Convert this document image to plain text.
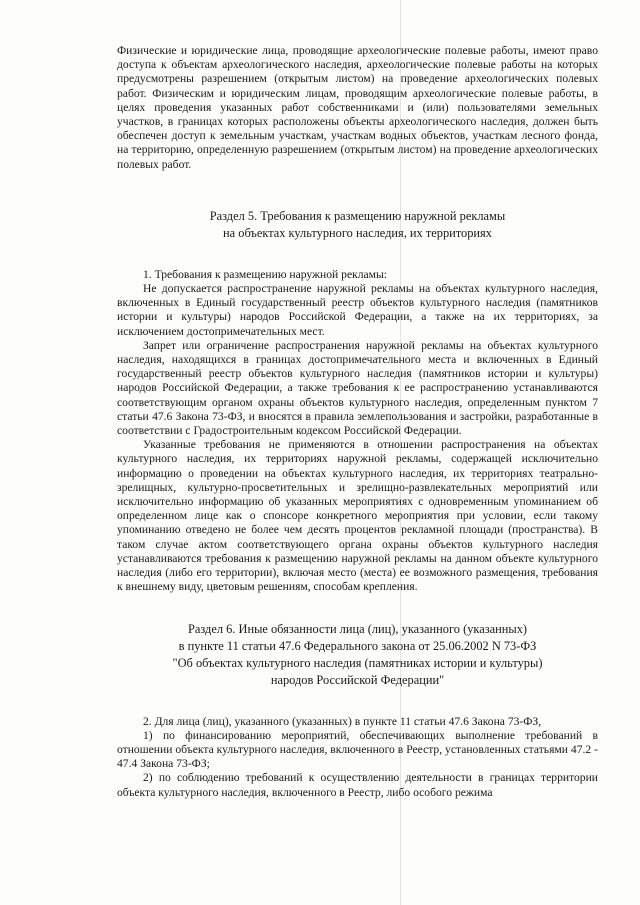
Физические и юридические лица, проводящие археологические полевые работы, имеют право доступа к объектам археологического наследия, археологические полевые работы на которых предусмотрены разрешением (открытым листом) на проведение археологических полевых работ. Физическим и юридическим лицам, проводящим археологические полевые работы, в целях проведения указанных работ собственниками и (или) пользователями земельных участков, в границах которых расположены объекты археологического наследия, должен быть обеспечен доступ к земельным участкам, участкам водных объектов, участкам лесного фонда, на территорию, определенную разрешением (открытым листом) на проведение археологических полевых работ.

Раздел 5. Требования к размещению наружной рекламы

на объектах культурного наследия, их территориях

1. Требования к размещению наружной рекламы:

Не допускается распространение наружной рекламы на объектах культурного наследия, включенных в Единый государственный реестр объектов культурного наследия (памятников истории и культуры) народов Российской Федерации, а также на их территориях, за исключением достопримечательных мест.

Запрет или ограничение распространения наружной рекламы на объектах культурного наследия, находящихся в границах достопримечательного места и включенных в Единый государственный реестр объектов культурного наследия (памятников истории и культуры) народов Российской Федерации, а также требования к ее распространению устанавливаются соответствующим органом охраны объектов культурного наследия, определенным пунктом 7 статьи 47.6 Закона 73-ФЗ, и вносятся в правила землепользования и застройки, разработанные в соответствии с Градостроительным кодексом Российской Федерации.

Указанные требования не применяются в отношении распространения на объектах культурного наследия, их территориях наружной рекламы, содержащей исключительно информацию о проведении на объектах культурного наследия, их территориях театрально-зрелищных, культурно-просветительных и зрелищно-развлекательных мероприятий или исключительно информацию об указанных мероприятиях с одновременным упоминанием об определенном лице как о спонсоре конкретного мероприятия при условии, если такому упоминанию отведено не более чем десять процентов рекламной площади (пространства). В таком случае актом соответствующего органа охраны объектов культурного наследия устанавливаются требования к размещению наружной рекламы на данном объекте культурного наследия (либо его территории), включая место (места) ее возможного размещения, требования к внешнему виду, цветовым решениям, способам крепления.

Раздел 6. Иные обязанности лица (лиц), указанного (указанных)

в пункте 11 статьи 47.6 Федерального закона от 25.06.2002 N 73-ФЗ

"Об объектах культурного наследия (памятниках истории и культуры)

народов Российской Федерации"

2. Для лица (лиц), указанного (указанных) в пункте 11 статьи 47.6 Закона 73-ФЗ,

1) по финансированию мероприятий, обеспечивающих выполнение требований в отношении объекта культурного наследия, включенного в Реестр, установленных статьями 47.2 - 47.4 Закона 73-ФЗ;

2) по соблюдению требований к осуществлению деятельности в границах территории объекта культурного наследия, включенного в Реестр, либо особого режима
